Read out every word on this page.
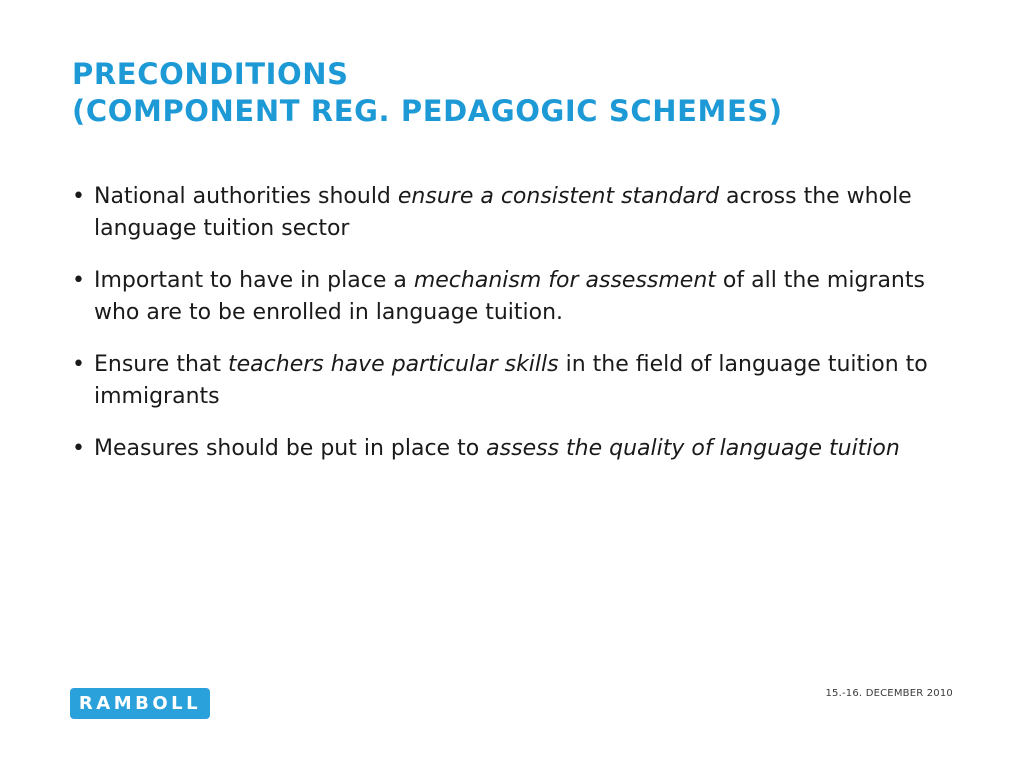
PRECONDITIONS
(COMPONENT REG. PEDAGOGIC SCHEMES)
• National authorities should ensure a consistent standard across the whole language tuition sector
• Important to have in place a mechanism for assessment of all the migrants who are to be enrolled in language tuition.
• Ensure that teachers have particular skills in the field of language tuition to immigrants
• Measures should be put in place to assess the quality of language tuition
RAMBOLL	15.-16. DECEMBER 2010
